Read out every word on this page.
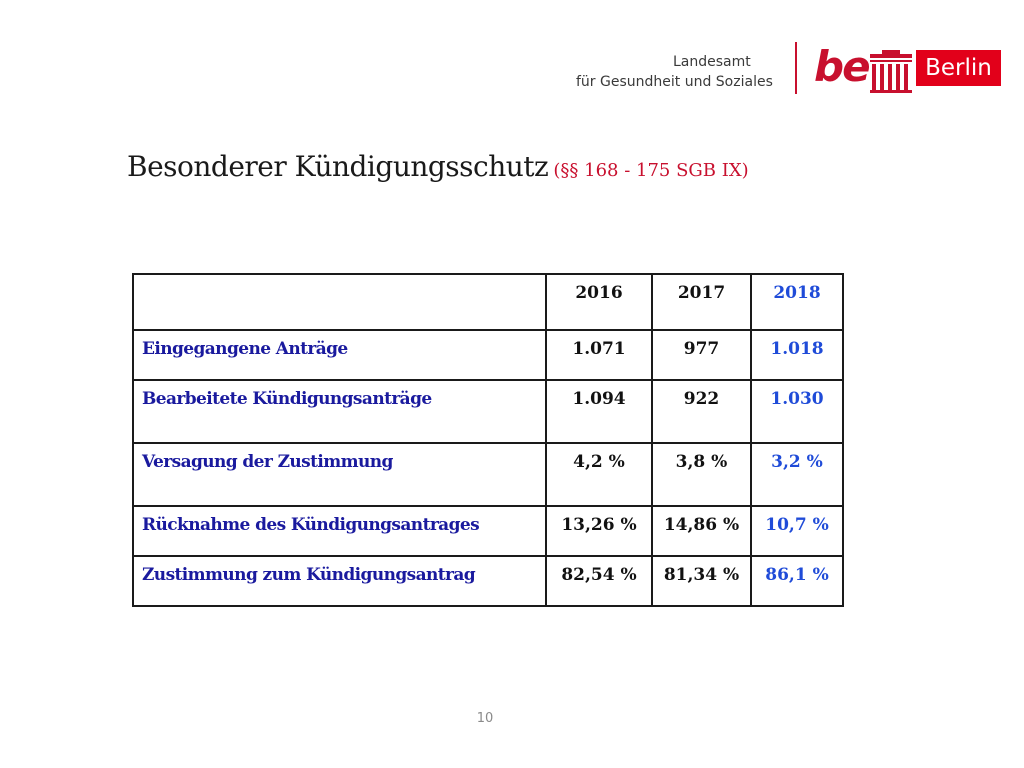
Landesamt
für Gesundheit und Soziales be	Berlin
Besonderer Kündigungsschutz (§§ 168 - 175 SGB IX)
	2016	2017	2018
Eingegangene Anträge	1.071	977	1.018
Bearbeitete Kündigungsanträge	1.094	922	1.030
Versagung der Zustimmung	4,2 %	3,8 %	3,2 %
Rücknahme des Kündigungsantrages	13,26 %	14,86 %	10,7 %
Zustimmung zum Kündigungsantrag	82,54 %	81,34 %	86,1 %
10
